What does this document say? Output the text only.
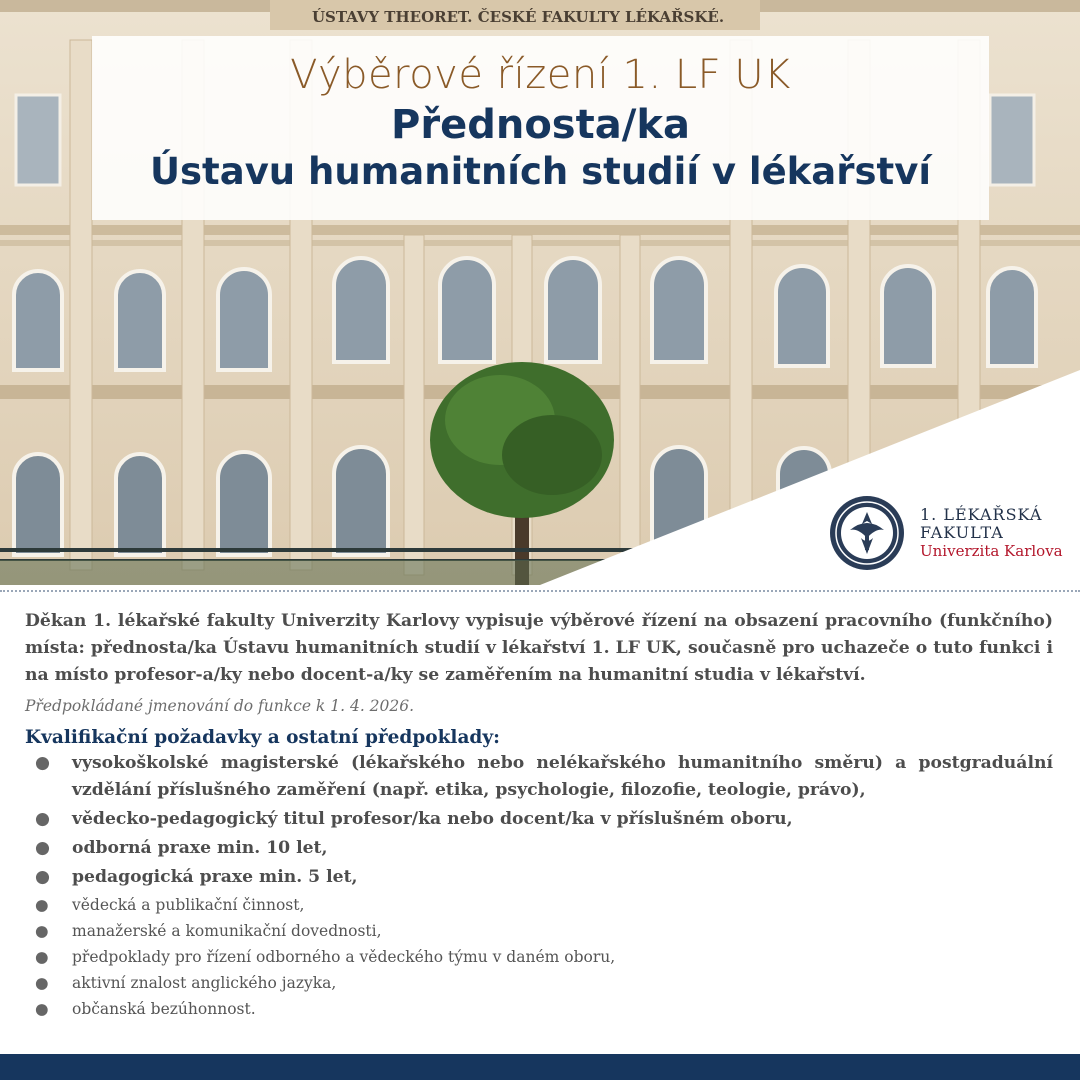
ÚSTAVY THEORET. ČESKÉ FAKULTY LÉKAŘSKÉ.
Výběrové řízení 1. LF UK
Přednosta/ka
Ústavu humanitních studií v lékařství
1. LÉKAŘSKÁ
FAKULTA
Univerzita Karlova

Děkan 1. lékařské fakulty Univerzity Karlovy vypisuje výběrové řízení na obsazení pracovního (funkčního) místa: přednosta/ka Ústavu humanitních studií v lékařství 1. LF UK, současně pro uchazeče o tuto funkci i na místo profesor-a/ky nebo docent-a/ky se zaměřením na humanitní studia v lékařství.

Předpokládané jmenování do funkce k 1. 4. 2026.

Kvalifikační požadavky a ostatní předpoklady:
● vysokoškolské magisterské (lékařského nebo nelékařského humanitního směru) a postgraduální vzdělání příslušného zaměření (např. etika, psychologie, filozofie, teologie, právo),
● vědecko-pedagogický titul profesor/ka nebo docent/ka v příslušném oboru,
● odborná praxe min. 10 let,
● pedagogická praxe min. 5 let,
● vědecká a publikační činnost,
● manažerské a komunikační dovednosti,
● předpoklady pro řízení odborného a vědeckého týmu v daném oboru,
● aktivní znalost anglického jazyka,
● občanská bezúhonnost.
